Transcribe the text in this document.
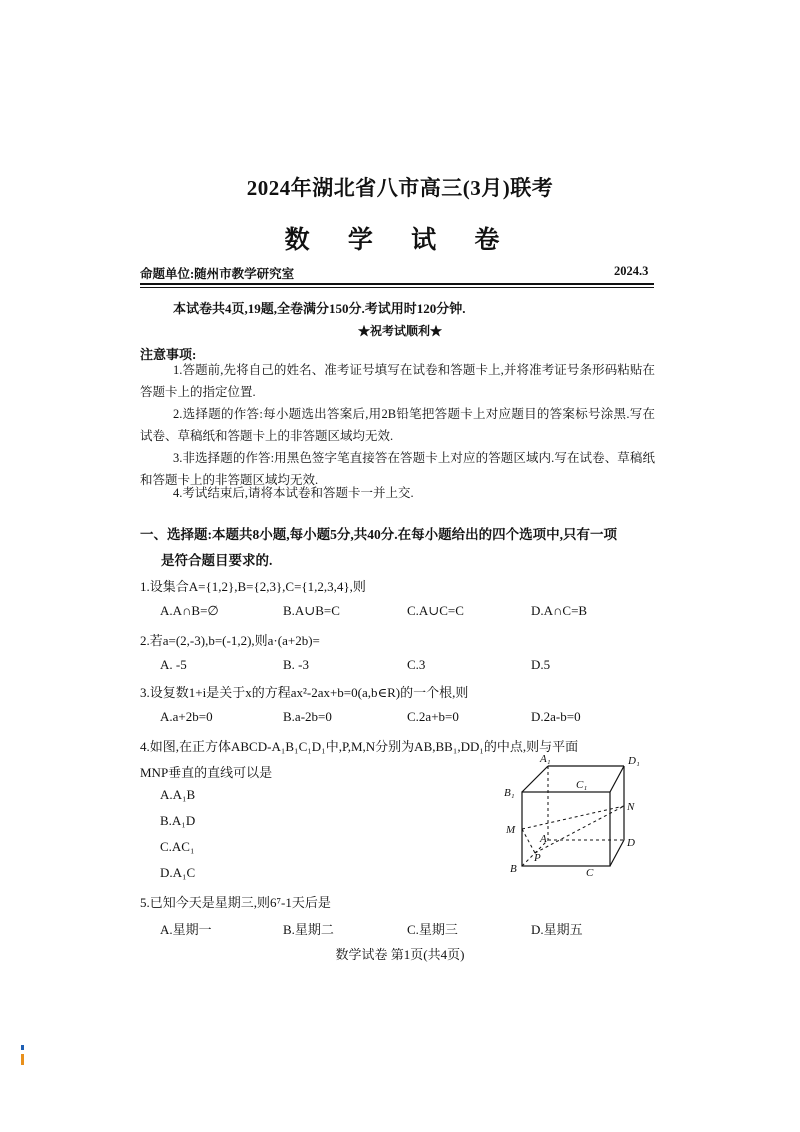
2024年湖北省八市高三(3月)联考
数 学 试 卷
命题单位:随州市教学研究室	2024.3
本试卷共4页,19题,全卷满分150分.考试用时120分钟.
★祝考试顺利★
注意事项:
1.答题前,先将自己的姓名、准考证号填写在试卷和答题卡上,并将准考证号条形码粘贴在答题卡上的指定位置.
2.选择题的作答:每小题选出答案后,用2B铅笔把答题卡上对应题目的答案标号涂黑.写在试卷、草稿纸和答题卡上的非答题区域均无效.
3.非选择题的作答:用黑色签字笔直接答在答题卡上对应的答题区域内.写在试卷、草稿纸和答题卡上的非答题区域均无效.
4.考试结束后,请将本试卷和答题卡一并上交.
一、选择题:本题共8小题,每小题5分,共40分.在每小题给出的四个选项中,只有一项
是符合题目要求的.
1.设集合A={1,2},B={2,3},C={1,2,3,4},则
A.A∩B=∅	B.A∪B=C	C.A∪C=C	D.A∩C=B
2.若a=(2,-3),b=(-1,2),则a·(a+2b)=
A. -5	B. -3	C.3	D.5
3.设复数1+i是关于x的方程ax²-2ax+b=0(a,b∈R)的一个根,则
A.a+2b=0	B.a-2b=0	C.2a+b=0	D.2a-b=0
4.如图,在正方体ABCD-A₁B₁C₁D₁中,P,M,N分别为AB,BB₁,DD₁的中点,则与平面
MNP垂直的直线可以是
A.A₁B
B.A₁D
C.AC₁
D.A₁C
A₁	D₁
B₁
C₁
N
M
A	D
P
B	C
5.已知今天是星期三,则6⁷-1天后是
A.星期一	B.星期二	C.星期三	D.星期五
数学试卷 第1页(共4页)
